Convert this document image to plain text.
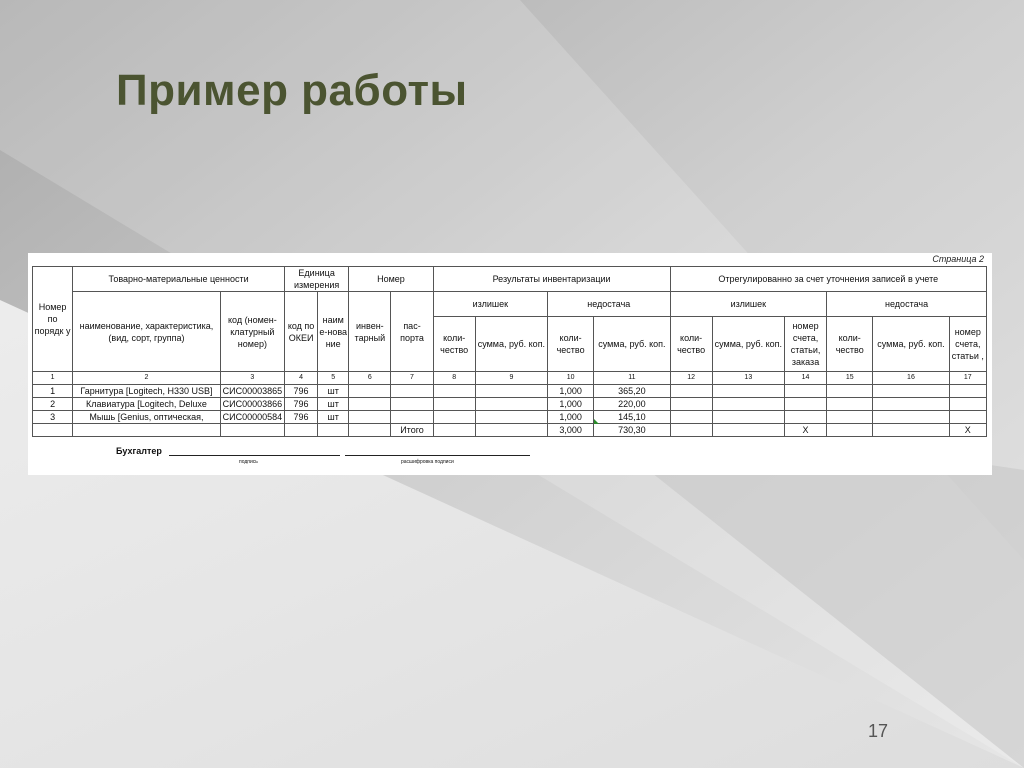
Пример работы
Страница 2
Номер по порядк у	Товарно-материальные ценности		Единица измерения		Номер		Результаты инвентаризации				Отрегулированно за счет уточнения записей в учете					
	наименование, характеристика, (вид, сорт, группа)	код (номен-клатурный номер)	код по ОКЕИ	наим е-нова ние	инвен-тарный	пас-порта	излишек		недостача		излишек			недостача		
							коли-чество	сумма, руб. коп.	коли-чество	сумма, руб. коп.	коли-чество	сумма, руб. коп.	номер счета, статьи, заказа	коли-чество	сумма, руб. коп.	номер счета, статьи ,
1	2	3	4	5	6	7	8	9	10	11	12	13	14	15	16	17
1	Гарнитура [Logitech, H330 USB]	СИС00003865	796	шт					1,000	365,20						
2	Клавиатура [Logitech, Deluxe	СИС00003866	796	шт					1,000	220,00						
3	Мышь [Genius, оптическая,	СИС00000584	796	шт					1,000	145,10						
						Итого			3,000	730,30			X			X
Бухгалтер
подпись	расшифровка подписи
17
